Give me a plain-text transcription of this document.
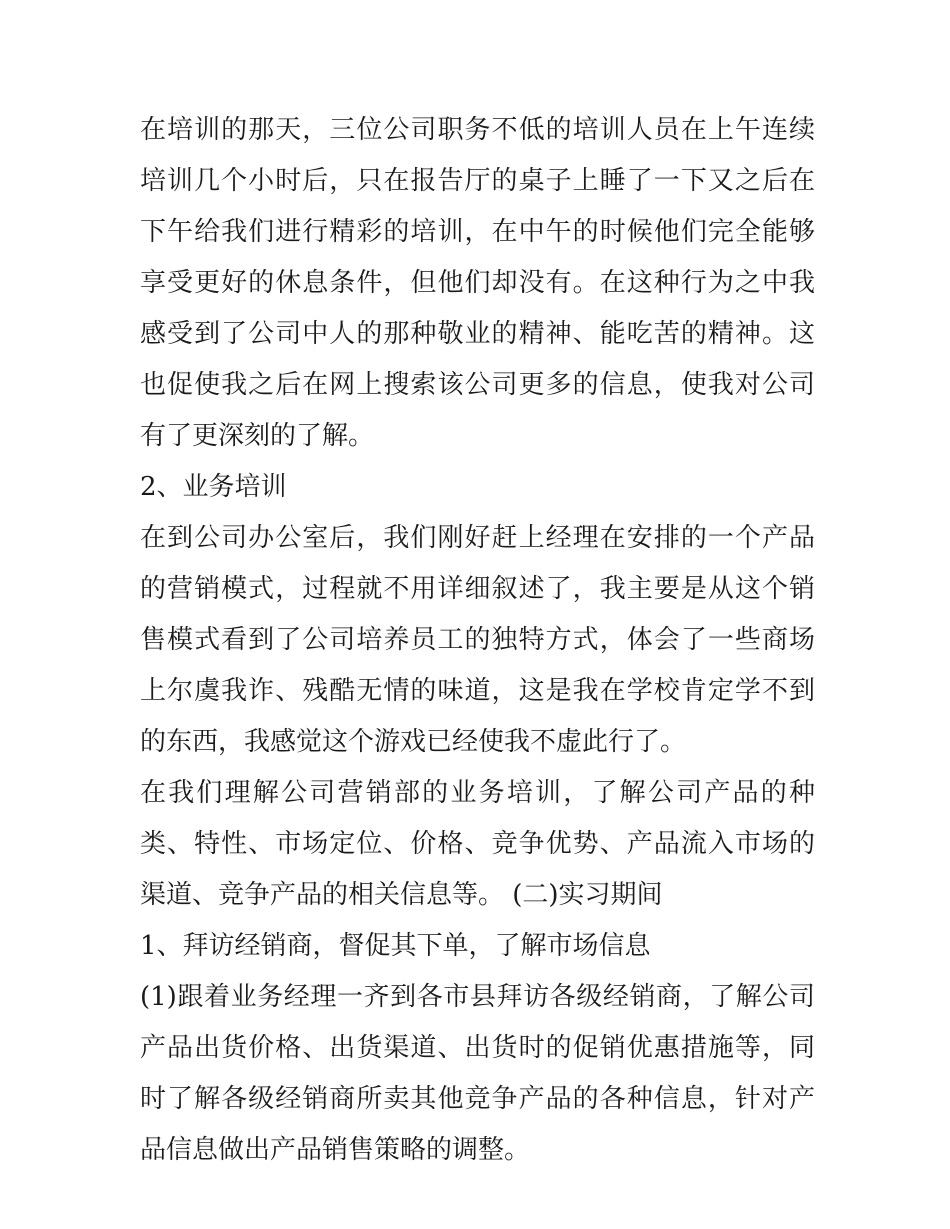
在培训的那天，三位公司职务不低的培训人员在上午连续培训几个小时后，只在报告厅的桌子上睡了一下又之后在下午给我们进行精彩的培训，在中午的时候他们完全能够享受更好的休息条件，但他们却没有。在这种行为之中我感受到了公司中人的那种敬业的精神、能吃苦的精神。这也促使我之后在网上搜索该公司更多的信息，使我对公司有了更深刻的了解。

2、业务培训

在到公司办公室后，我们刚好赶上经理在安排的一个产品的营销模式，过程就不用详细叙述了，我主要是从这个销售模式看到了公司培养员工的独特方式，体会了一些商场上尔虞我诈、残酷无情的味道，这是我在学校肯定学不到的东西，我感觉这个游戏已经使我不虚此行了。

在我们理解公司营销部的业务培训，了解公司产品的种类、特性、市场定位、价格、竞争优势、产品流入市场的渠道、竞争产品的相关信息等。 (二)实习期间

1、拜访经销商，督促其下单，了解市场信息

(1)跟着业务经理一齐到各市县拜访各级经销商，了解公司产品出货价格、出货渠道、出货时的促销优惠措施等，同时了解各级经销商所卖其他竞争产品的各种信息，针对产品信息做出产品销售策略的调整。
